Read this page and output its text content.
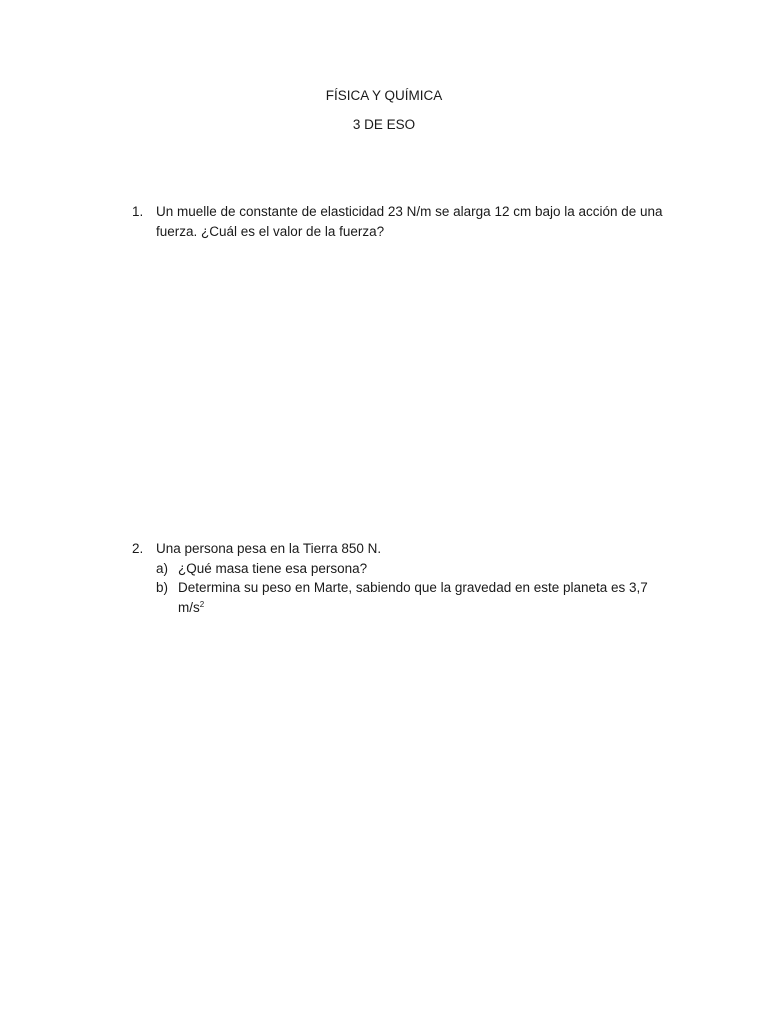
FÍSICA Y QUÍMICA
3 DE ESO
1. Un muelle de constante de elasticidad 23 N/m se alarga 12 cm bajo la acción de una fuerza. ¿Cuál es el valor de la fuerza?
2. Una persona pesa en la Tierra 850 N.
a) ¿Qué masa tiene esa persona?
b) Determina su peso en Marte, sabiendo que la gravedad en este planeta es 3,7 $m/s^2$
